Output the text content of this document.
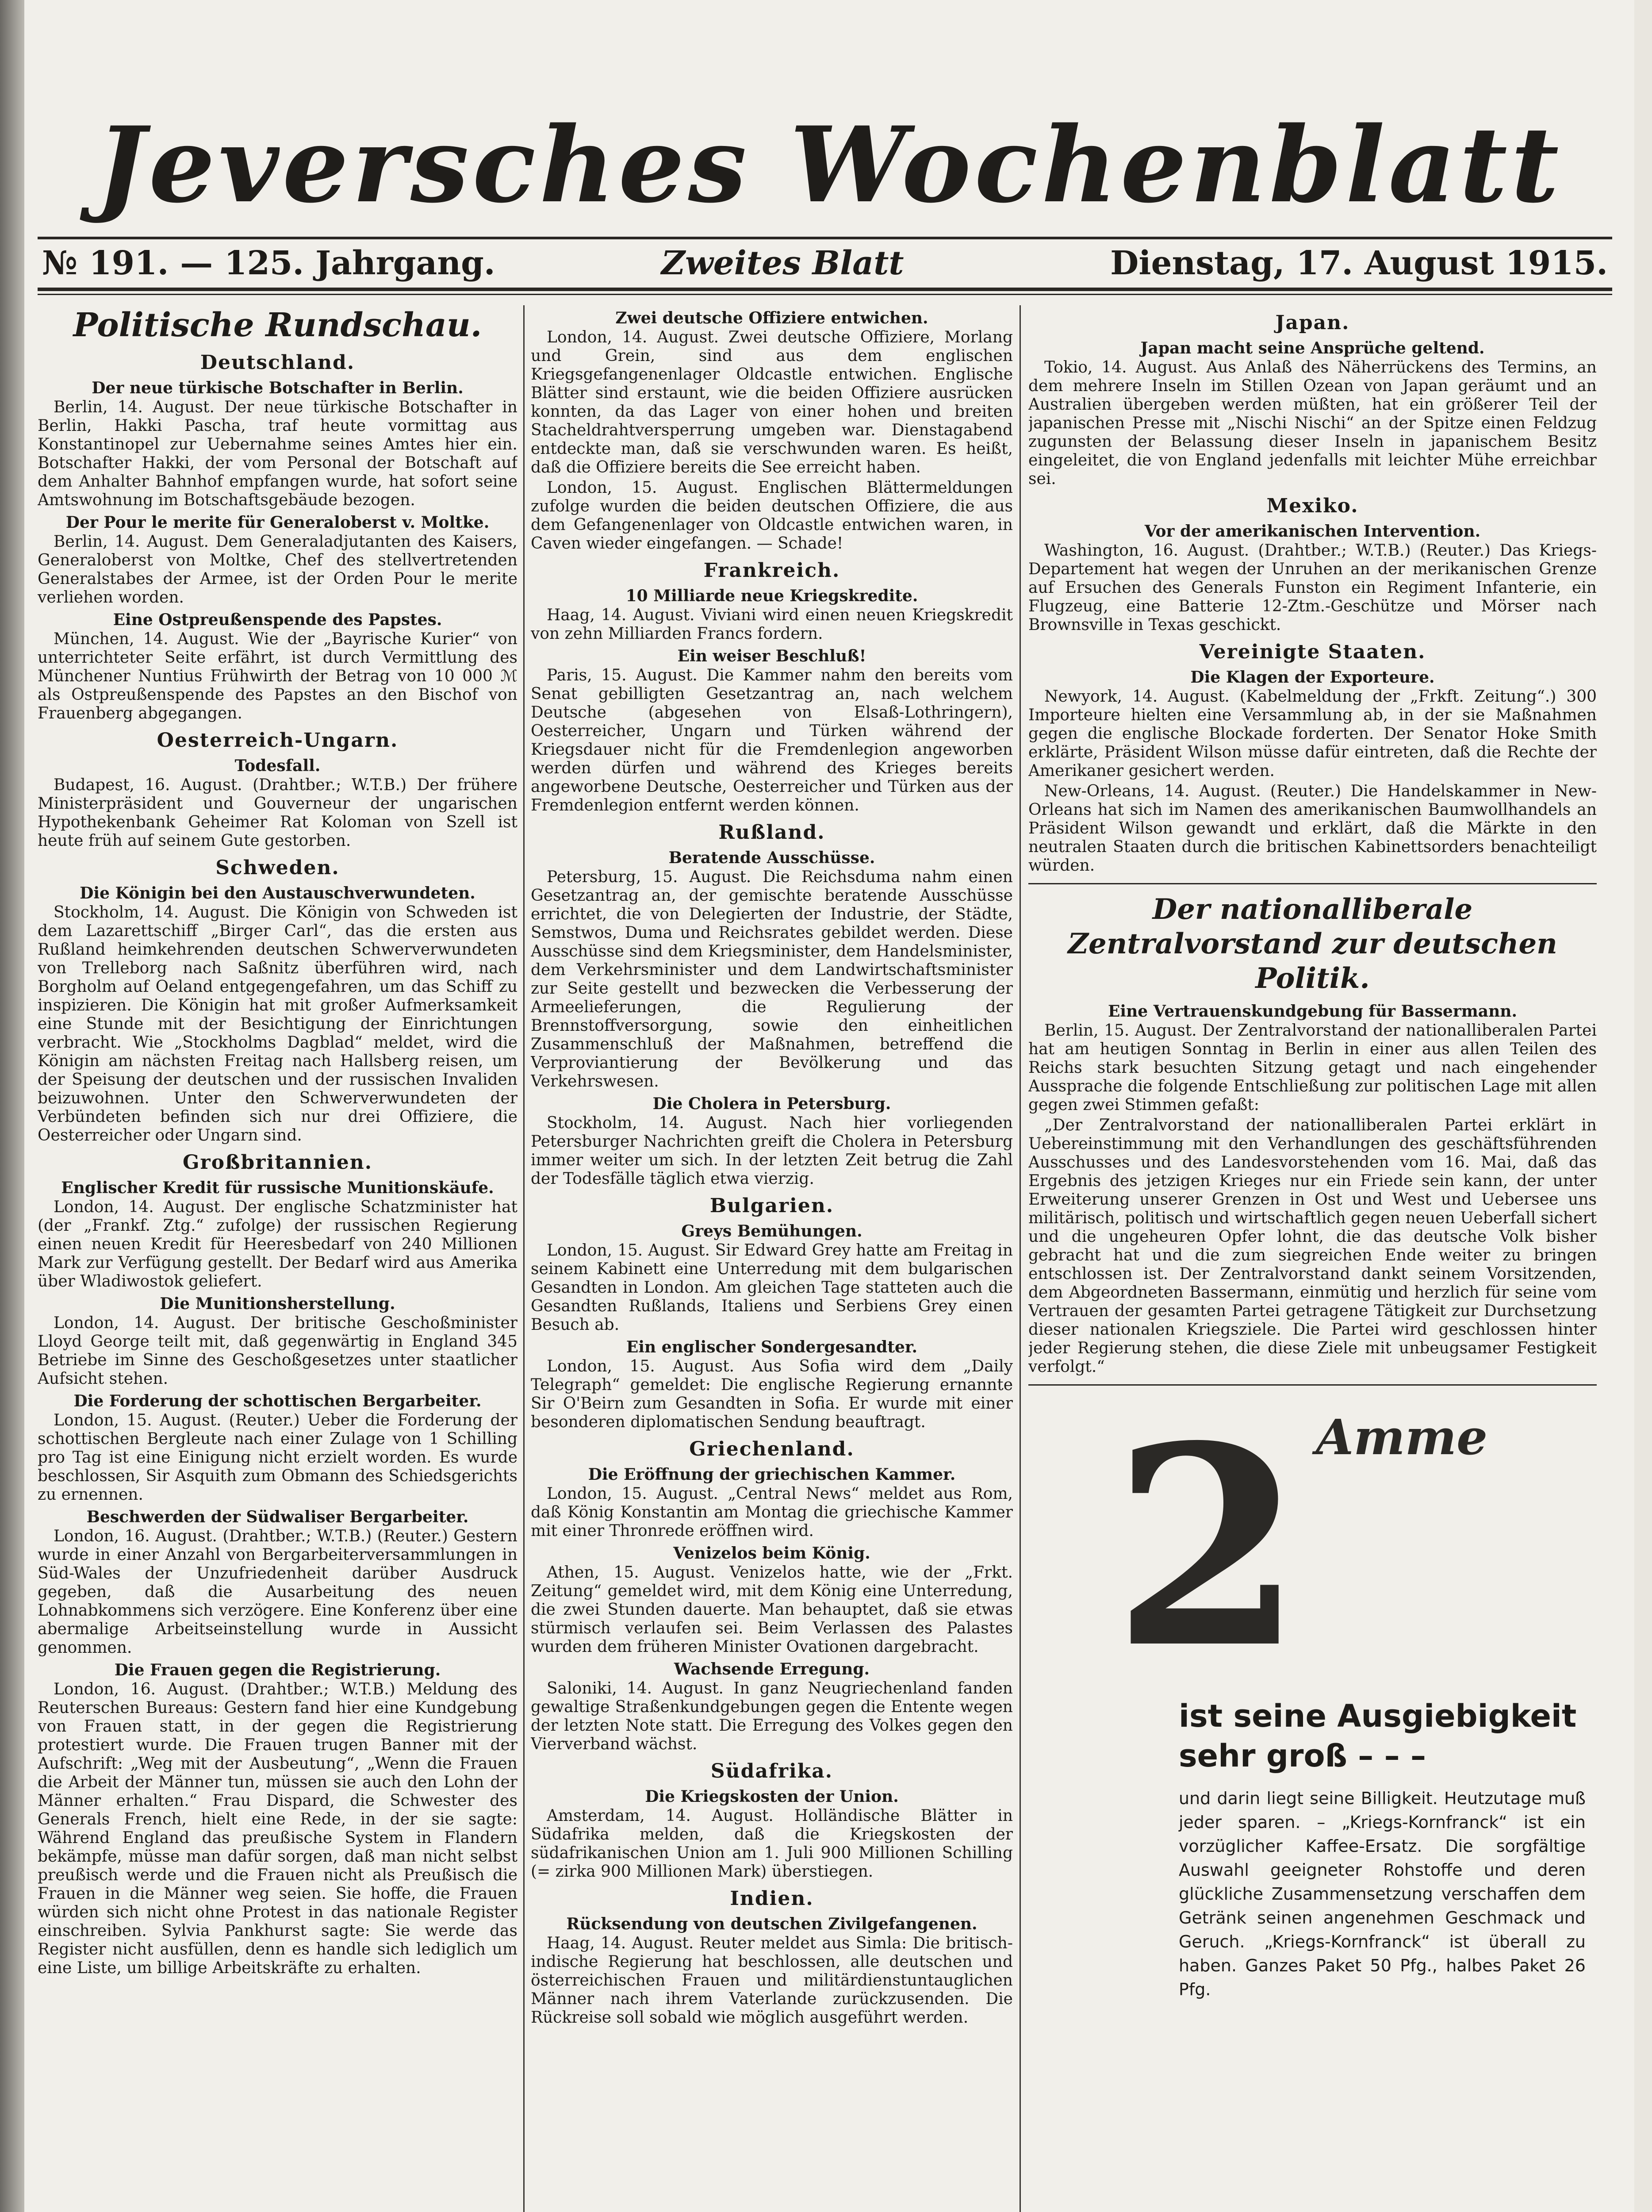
Jeversches Wochenblatt
№ 191. — 125. Jahrgang.	Zweites Blatt	Dienstag, 17. August 1915.
Politische Rundschau.
Deutschland.
Der neue türkische Botschafter in Berlin.

Berlin, 14. August. Der neue türkische Botschafter in Berlin, Hakki Pascha, traf heute vormittag aus Konstantinopel zur Uebernahme seines Amtes hier ein. Botschafter Hakki, der vom Personal der Botschaft auf dem Anhalter Bahnhof empfangen wurde, hat sofort seine Amtswohnung im Botschaftsgebäude bezogen.

Der Pour le merite für Generaloberst v. Moltke.

Berlin, 14. August. Dem Generaladjutanten des Kaisers, Generaloberst von Moltke, Chef des stellvertretenden Generalstabes der Armee, ist der Orden Pour le merite verliehen worden.

Eine Ostpreußenspende des Papstes.

München, 14. August. Wie der „Bayrische Kurier“ von unterrichteter Seite erfährt, ist durch Vermittlung des Münchener Nuntius Frühwirth der Betrag von 10 000 ℳ als Ostpreußenspende des Papstes an den Bischof von Frauenberg abgegangen.

Oesterreich-Ungarn.
Todesfall.

Budapest, 16. August. (Drahtber.; W.T.B.) Der frühere Ministerpräsident und Gouverneur der ungarischen Hypothekenbank Geheimer Rat Koloman von Szell ist heute früh auf seinem Gute gestorben.

Schweden.
Die Königin bei den Austauschverwundeten.

Stockholm, 14. August. Die Königin von Schweden ist dem Lazarettschiff „Birger Carl“, das die ersten aus Rußland heimkehrenden deutschen Schwerverwundeten von Trelleborg nach Saßnitz überführen wird, nach Borgholm auf Oeland entgegengefahren, um das Schiff zu inspizieren. Die Königin hat mit großer Aufmerksamkeit eine Stunde mit der Besichtigung der Einrichtungen verbracht. Wie „Stockholms Dagblad“ meldet, wird die Königin am nächsten Freitag nach Hallsberg reisen, um der Speisung der deutschen und der russischen Invaliden beizuwohnen. Unter den Schwerverwundeten der Verbündeten befinden sich nur drei Offiziere, die Oesterreicher oder Ungarn sind.

Großbritannien.
Englischer Kredit für russische Munitionskäufe.

London, 14. August. Der englische Schatzminister hat (der „Frankf. Ztg.“ zufolge) der russischen Regierung einen neuen Kredit für Heeresbedarf von 240 Millionen Mark zur Verfügung gestellt. Der Bedarf wird aus Amerika über Wladiwostok geliefert.

Die Munitionsherstellung.

London, 14. August. Der britische Geschoßminister Lloyd George teilt mit, daß gegenwärtig in England 345 Betriebe im Sinne des Geschoßgesetzes unter staatlicher Aufsicht stehen.

Die Forderung der schottischen Bergarbeiter.

London, 15. August. (Reuter.) Ueber die Forderung der schottischen Bergleute nach einer Zulage von 1 Schilling pro Tag ist eine Einigung nicht erzielt worden. Es wurde beschlossen, Sir Asquith zum Obmann des Schiedsgerichts zu ernennen.

Beschwerden der Südwaliser Bergarbeiter.

London, 16. August. (Drahtber.; W.T.B.) (Reuter.) Gestern wurde in einer Anzahl von Bergarbeiterversammlungen in Süd-Wales der Unzufriedenheit darüber Ausdruck gegeben, daß die Ausarbeitung des neuen Lohnabkommens sich verzögere. Eine Konferenz über eine abermalige Arbeitseinstellung wurde in Aussicht genommen.

Die Frauen gegen die Registrierung.

London, 16. August. (Drahtber.; W.T.B.) Meldung des Reuterschen Bureaus: Gestern fand hier eine Kundgebung von Frauen statt, in der gegen die Registrierung protestiert wurde. Die Frauen trugen Banner mit der Aufschrift: „Weg mit der Ausbeutung“, „Wenn die Frauen die Arbeit der Männer tun, müssen sie auch den Lohn der Männer erhalten.“ Frau Dispard, die Schwester des Generals French, hielt eine Rede, in der sie sagte: Während England das preußische System in Flandern bekämpfe, müsse man dafür sorgen, daß man nicht selbst preußisch werde und die Frauen nicht als Preußisch die Frauen in die Männer weg seien. Sie hoffe, die Frauen würden sich nicht ohne Protest in das nationale Register einschreiben. Sylvia Pankhurst sagte: Sie werde das Register nicht ausfüllen, denn es handle sich lediglich um eine Liste, um billige Arbeitskräfte zu erhalten.

Zwei deutsche Offiziere entwichen.

London, 14. August. Zwei deutsche Offiziere, Morlang und Grein, sind aus dem englischen Kriegsgefangenenlager Oldcastle entwichen. Englische Blätter sind erstaunt, wie die beiden Offiziere ausrücken konnten, da das Lager von einer hohen und breiten Stacheldrahtversperrung umgeben war. Dienstagabend entdeckte man, daß sie verschwunden waren. Es heißt, daß die Offiziere bereits die See erreicht haben.

London, 15. August. Englischen Blättermeldungen zufolge wurden die beiden deutschen Offiziere, die aus dem Gefangenenlager von Oldcastle entwichen waren, in Caven wieder eingefangen. — Schade!

Frankreich.
10 Milliarde neue Kriegskredite.

Haag, 14. August. Viviani wird einen neuen Kriegskredit von zehn Milliarden Francs fordern.

Ein weiser Beschluß!

Paris, 15. August. Die Kammer nahm den bereits vom Senat gebilligten Gesetzantrag an, nach welchem Deutsche (abgesehen von Elsaß-Lothringern), Oesterreicher, Ungarn und Türken während der Kriegsdauer nicht für die Fremdenlegion angeworben werden dürfen und während des Krieges bereits angeworbene Deutsche, Oesterreicher und Türken aus der Fremdenlegion entfernt werden können.

Rußland.
Beratende Ausschüsse.

Petersburg, 15. August. Die Reichsduma nahm einen Gesetzantrag an, der gemischte beratende Ausschüsse errichtet, die von Delegierten der Industrie, der Städte, Semstwos, Duma und Reichsrates gebildet werden. Diese Ausschüsse sind dem Kriegsminister, dem Handelsminister, dem Verkehrsminister und dem Landwirtschaftsminister zur Seite gestellt und bezwecken die Verbesserung der Armeelieferungen, die Regulierung der Brennstoffversorgung, sowie den einheitlichen Zusammenschluß der Maßnahmen, betreffend die Verproviantierung der Bevölkerung und das Verkehrswesen.

Die Cholera in Petersburg.

Stockholm, 14. August. Nach hier vorliegenden Petersburger Nachrichten greift die Cholera in Petersburg immer weiter um sich. In der letzten Zeit betrug die Zahl der Todesfälle täglich etwa vierzig.

Bulgarien.
Greys Bemühungen.

London, 15. August. Sir Edward Grey hatte am Freitag in seinem Kabinett eine Unterredung mit dem bulgarischen Gesandten in London. Am gleichen Tage statteten auch die Gesandten Rußlands, Italiens und Serbiens Grey einen Besuch ab.

Ein englischer Sondergesandter.

London, 15. August. Aus Sofia wird dem „Daily Telegraph“ gemeldet: Die englische Regierung ernannte Sir O'Beirn zum Gesandten in Sofia. Er wurde mit einer besonderen diplomatischen Sendung beauftragt.

Griechenland.
Die Eröffnung der griechischen Kammer.

London, 15. August. „Central News“ meldet aus Rom, daß König Konstantin am Montag die griechische Kammer mit einer Thronrede eröffnen wird.

Venizelos beim König.

Athen, 15. August. Venizelos hatte, wie der „Frkt. Zeitung“ gemeldet wird, mit dem König eine Unterredung, die zwei Stunden dauerte. Man behauptet, daß sie etwas stürmisch verlaufen sei. Beim Verlassen des Palastes wurden dem früheren Minister Ovationen dargebracht.

Wachsende Erregung.

Saloniki, 14. August. In ganz Neugriechenland fanden gewaltige Straßenkundgebungen gegen die Entente wegen der letzten Note statt. Die Erregung des Volkes gegen den Vierverband wächst.

Südafrika.
Die Kriegskosten der Union.

Amsterdam, 14. August. Holländische Blätter in Südafrika melden, daß die Kriegskosten der südafrikanischen Union am 1. Juli 900 Millionen Schilling (= zirka 900 Millionen Mark) überstiegen.

Indien.
Rücksendung von deutschen Zivilgefangenen.

Haag, 14. August. Reuter meldet aus Simla: Die britisch-indische Regierung hat beschlossen, alle deutschen und österreichischen Frauen und militärdienstuntauglichen Männer nach ihrem Vaterlande zurückzusenden. Die Rückreise soll sobald wie möglich ausgeführt werden.

Japan.
Japan macht seine Ansprüche geltend.

Tokio, 14. August. Aus Anlaß des Näherrückens des Termins, an dem mehrere Inseln im Stillen Ozean von Japan geräumt und an Australien übergeben werden müßten, hat ein größerer Teil der japanischen Presse mit „Nischi Nischi“ an der Spitze einen Feldzug zugunsten der Belassung dieser Inseln in japanischem Besitz eingeleitet, die von England jedenfalls mit leichter Mühe erreichbar sei.

Mexiko.
Vor der amerikanischen Intervention.

Washington, 16. August. (Drahtber.; W.T.B.) (Reuter.) Das Kriegs-Departement hat wegen der Unruhen an der merikanischen Grenze auf Ersuchen des Generals Funston ein Regiment Infanterie, ein Flugzeug, eine Batterie 12-Ztm.-Geschütze und Mörser nach Brownsville in Texas geschickt.

Vereinigte Staaten.
Die Klagen der Exporteure.

Newyork, 14. August. (Kabelmeldung der „Frkft. Zeitung“.) 300 Importeure hielten eine Versammlung ab, in der sie Maßnahmen gegen die englische Blockade forderten. Der Senator Hoke Smith erklärte, Präsident Wilson müsse dafür eintreten, daß die Rechte der Amerikaner gesichert werden.

New-Orleans, 14. August. (Reuter.) Die Handelskammer in New-Orleans hat sich im Namen des amerikanischen Baumwollhandels an Präsident Wilson gewandt und erklärt, daß die Märkte in den neutralen Staaten durch die britischen Kabinettsorders benachteiligt würden.

Der nationalliberale Zentralvorstand zur deutschen Politik.
Eine Vertrauenskundgebung für Bassermann.

Berlin, 15. August. Der Zentralvorstand der nationalliberalen Partei hat am heutigen Sonntag in Berlin in einer aus allen Teilen des Reichs stark besuchten Sitzung getagt und nach eingehender Aussprache die folgende Entschließung zur politischen Lage mit allen gegen zwei Stimmen gefaßt:

„Der Zentralvorstand der nationalliberalen Partei erklärt in Uebereinstimmung mit den Verhandlungen des geschäftsführenden Ausschusses und des Landesvorstehenden vom 16. Mai, daß das Ergebnis des jetzigen Krieges nur ein Friede sein kann, der unter Erweiterung unserer Grenzen in Ost und West und Uebersee uns militärisch, politisch und wirtschaftlich gegen neuen Ueberfall sichert und die ungeheuren Opfer lohnt, die das deutsche Volk bisher gebracht hat und die zum siegreichen Ende weiter zu bringen entschlossen ist. Der Zentralvorstand dankt seinem Vorsitzenden, dem Abgeordneten Bassermann, einmütig und herzlich für seine vom Vertrauen der gesamten Partei getragene Tätigkeit zur Durchsetzung dieser nationalen Kriegsziele. Die Partei wird geschlossen hinter jeder Regierung stehen, die diese Ziele mit unbeugsamer Festigkeit verfolgt.“

2 Amme
ist seine Ausgiebigkeit
sehr groß – – –
und darin liegt seine Billigkeit. Heutzutage muß jeder sparen. – „Kriegs-Kornfranck“ ist ein vorzüglicher Kaffee-Ersatz. Die sorgfältige Auswahl geeigneter Rohstoffe und deren glückliche Zusammensetzung verschaffen dem Getränk seinen angenehmen Geschmack und Geruch. „Kriegs-Kornfranck“ ist überall zu haben. Ganzes Paket 50 Pfg., halbes Paket 26 Pfg.
